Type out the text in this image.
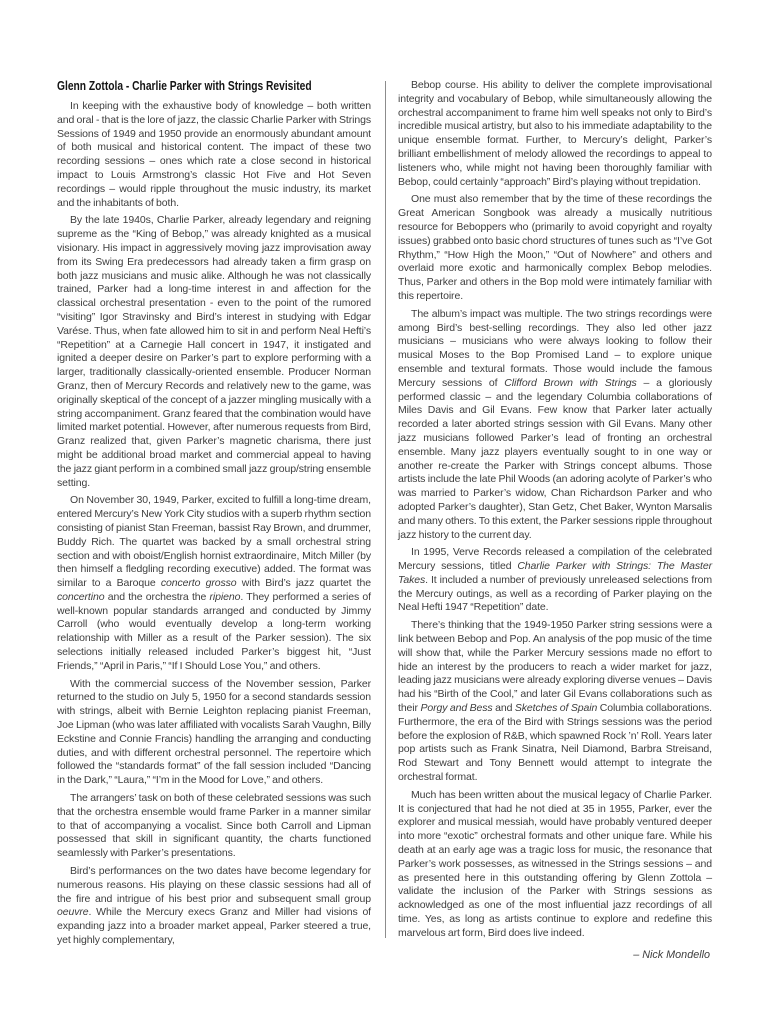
Glenn Zottola - Charlie Parker with Strings Revisited

In keeping with the exhaustive body of knowledge – both written and oral - that is the lore of jazz, the classic Charlie Parker with Strings Sessions of 1949 and 1950 provide an enormously abundant amount of both musical and historical content. The impact of these two recording sessions – ones which rate a close second in historical impact to Louis Armstrong’s classic Hot Five and Hot Seven recordings – would ripple throughout the music industry, its market and the inhabitants of both.

By the late 1940s, Charlie Parker, already legendary and reigning supreme as the “King of Bebop,” was already knighted as a musical visionary. His impact in aggressively moving jazz improvisation away from its Swing Era predecessors had already taken a firm grasp on both jazz musicians and music alike. Although he was not classically trained, Parker had a long-time interest in and affection for the classical orchestral presentation - even to the point of the rumored “visiting” Igor Stravinsky and Bird’s interest in studying with Edgar Varése. Thus, when fate allowed him to sit in and perform Neal Hefti’s “Repetition” at a Carnegie Hall concert in 1947, it instigated and ignited a deeper desire on Parker’s part to explore performing with a larger, traditionally classically-oriented ensemble. Producer Norman Granz, then of Mercury Records and relatively new to the game, was originally skeptical of the concept of a jazzer mingling musically with a string accompaniment. Granz feared that the combination would have limited market potential. However, after numerous requests from Bird, Granz realized that, given Parker’s magnetic charisma, there just might be additional broad market and commercial appeal to having the jazz giant perform in a combined small jazz group/string ensemble setting.

On November 30, 1949, Parker, excited to fulfill a long-time dream, entered Mercury’s New York City studios with a superb rhythm section consisting of pianist Stan Freeman, bassist Ray Brown, and drummer, Buddy Rich. The quartet was backed by a small orchestral string section and with oboist/English hornist extraordinaire, Mitch Miller (by then himself a fledgling recording executive) added. The format was similar to a Baroque concerto grosso with Bird’s jazz quartet the concertino and the orchestra the ripieno. They performed a series of well-known popular standards arranged and conducted by Jimmy Carroll (who would eventually develop a long-term working relationship with Miller as a result of the Parker session). The six selections initially released included Parker’s biggest hit, “Just Friends,” “April in Paris,” “If I Should Lose You,” and others.

With the commercial success of the November session, Parker returned to the studio on July 5, 1950 for a second standards session with strings, albeit with Bernie Leighton replacing pianist Freeman, Joe Lipman (who was later affiliated with vocalists Sarah Vaughn, Billy Eckstine and Connie Francis) handling the arranging and conducting duties, and with different orchestral personnel. The repertoire which followed the “standards format” of the fall session included “Dancing in the Dark,” “Laura,” “I’m in the Mood for Love,” and others.

The arrangers’ task on both of these celebrated sessions was such that the orchestra ensemble would frame Parker in a manner similar to that of accompanying a vocalist. Since both Carroll and Lipman possessed that skill in significant quantity, the charts functioned seamlessly with Parker’s presentations.

Bird’s performances on the two dates have become legendary for numerous reasons. His playing on these classic sessions had all of the fire and intrigue of his best prior and subsequent small group oeuvre. While the Mercury execs Granz and Miller had visions of expanding jazz into a broader market appeal, Parker steered a true, yet highly complementary,

Bebop course. His ability to deliver the complete improvisational integrity and vocabulary of Bebop, while simultaneously allowing the orchestral accompaniment to frame him well speaks not only to Bird’s incredible musical artistry, but also to his immediate adaptability to the unique ensemble format. Further, to Mercury’s delight, Parker’s brilliant embellishment of melody allowed the recordings to appeal to listeners who, while might not having been thoroughly familiar with Bebop, could certainly “approach” Bird’s playing without trepidation.

One must also remember that by the time of these recordings the Great American Songbook was already a musically nutritious resource for Beboppers who (primarily to avoid copyright and royalty issues) grabbed onto basic chord structures of tunes such as “I’ve Got Rhythm,” “How High the Moon,” “Out of Nowhere” and others and overlaid more exotic and harmonically complex Bebop melodies. Thus, Parker and others in the Bop mold were intimately familiar with this repertoire.

The album’s impact was multiple. The two strings recordings were among Bird’s best-selling recordings. They also led other jazz musicians – musicians who were always looking to follow their musical Moses to the Bop Promised Land – to explore unique ensemble and textural formats. Those would include the famous Mercury sessions of Clifford Brown with Strings – a gloriously performed classic – and the legendary Columbia collaborations of Miles Davis and Gil Evans. Few know that Parker later actually recorded a later aborted strings session with Gil Evans. Many other jazz musicians followed Parker’s lead of fronting an orchestral ensemble. Many jazz players eventually sought to in one way or another re-create the Parker with Strings concept albums. Those artists include the late Phil Woods (an adoring acolyte of Parker’s who was married to Parker’s widow, Chan Richardson Parker and who adopted Parker’s daughter), Stan Getz, Chet Baker, Wynton Marsalis and many others. To this extent, the Parker sessions ripple throughout jazz history to the current day.

In 1995, Verve Records released a compilation of the celebrated Mercury sessions, titled Charlie Parker with Strings: The Master Takes. It included a number of previously unreleased selections from the Mercury outings, as well as a recording of Parker playing on the Neal Hefti 1947 “Repetition” date.

There’s thinking that the 1949-1950 Parker string sessions were a link between Bebop and Pop. An analysis of the pop music of the time will show that, while the Parker Mercury sessions made no effort to hide an interest by the producers to reach a wider market for jazz, leading jazz musicians were already exploring diverse venues – Davis had his “Birth of the Cool,” and later Gil Evans collaborations such as their Porgy and Bess and Sketches of Spain Columbia collaborations. Furthermore, the era of the Bird with Strings sessions was the period before the explosion of R&B, which spawned Rock ’n’ Roll. Years later pop artists such as Frank Sinatra, Neil Diamond, Barbra Streisand, Rod Stewart and Tony Bennett would attempt to integrate the orchestral format.

Much has been written about the musical legacy of Charlie Parker. It is conjectured that had he not died at 35 in 1955, Parker, ever the explorer and musical messiah, would have probably ventured deeper into more “exotic” orchestral formats and other unique fare. While his death at an early age was a tragic loss for music, the resonance that Parker’s work possesses, as witnessed in the Strings sessions – and as presented here in this outstanding offering by Glenn Zottola – validate the inclusion of the Parker with Strings sessions as acknowledged as one of the most influential jazz recordings of all time. Yes, as long as artists continue to explore and redefine this marvelous art form, Bird does live indeed.

– Nick Mondello
